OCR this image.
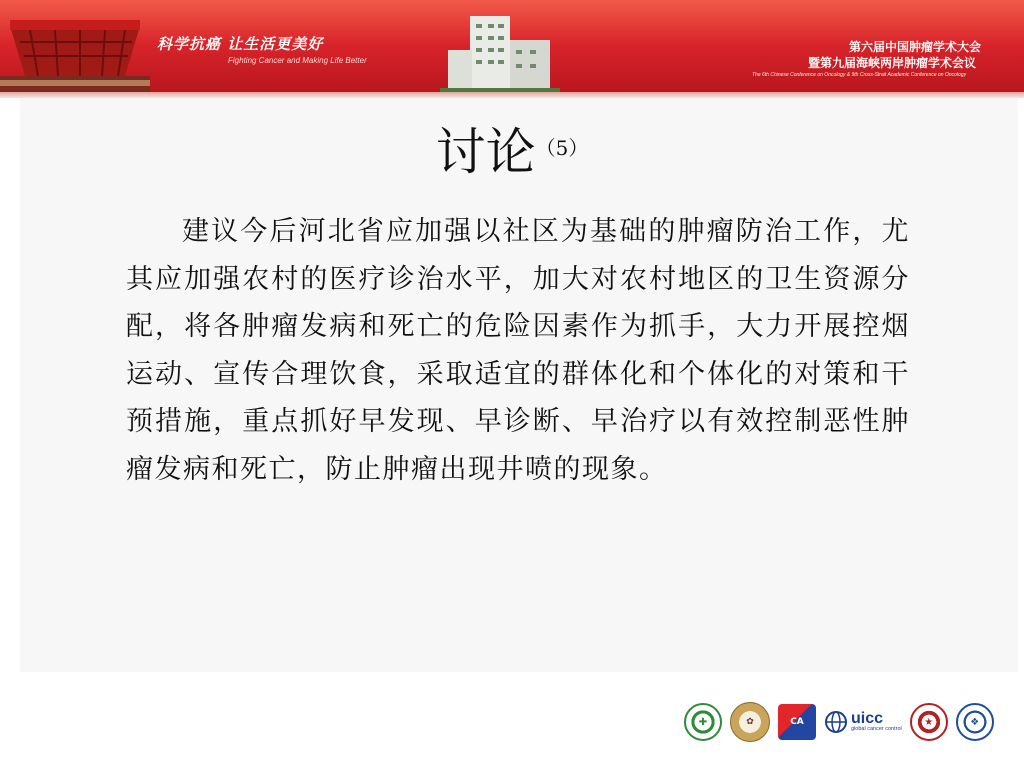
科学抗癌 让生活更美好
Fighting Cancer and Making Life Better
第六届中国肿瘤学术大会
暨第九届海峡两岸肿瘤学术会议
The 6th Chinese Conference on Oncology & 9th Cross-Strait Academic Conference on Oncology
讨论（5）

建议今后河北省应加强以社区为基础的肿瘤防治工作，尤其应加强农村的医疗诊治水平，加大对农村地区的卫生资源分配，将各肿瘤发病和死亡的危险因素作为抓手，大力开展控烟运动、宣传合理饮食，采取适宜的群体化和个体化的对策和干预措施，重点抓好早发现、早诊断、早治疗以有效控制恶性肿瘤发病和死亡，防止肿瘤出现井喷的现象。

✚	✿	CA	uicc
global cancer control
★	❖
